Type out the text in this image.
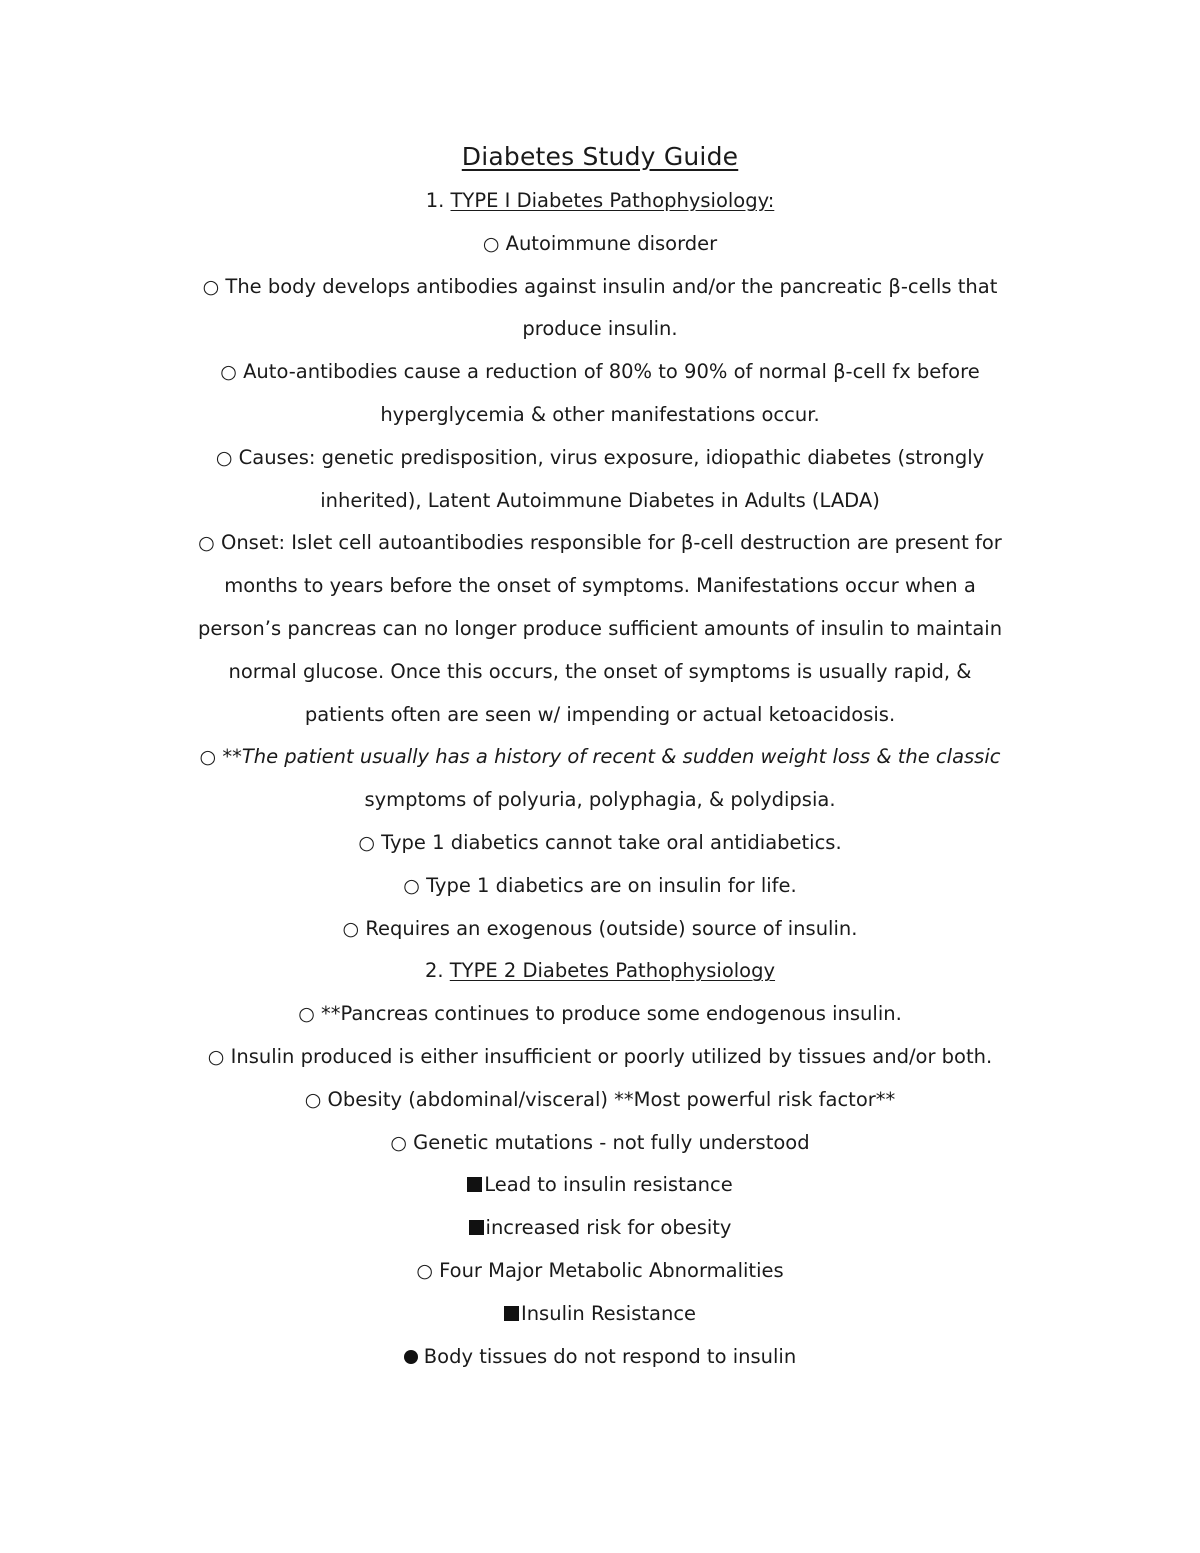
Diabetes Study Guide

1. TYPE I Diabetes Pathophysiology:

○ Autoimmune disorder

○ The body develops antibodies against insulin and/or the pancreatic β-cells that

produce insulin.

○ Auto-antibodies cause a reduction of 80% to 90% of normal β-cell fx before

hyperglycemia & other manifestations occur.

○ Causes: genetic predisposition, virus exposure, idiopathic diabetes (strongly

inherited), Latent Autoimmune Diabetes in Adults (LADA)

○ Onset: Islet cell autoantibodies responsible for β-cell destruction are present for

months to years before the onset of symptoms. Manifestations occur when a

person’s pancreas can no longer produce sufficient amounts of insulin to maintain

normal glucose. Once this occurs, the onset of symptoms is usually rapid, &

patients often are seen w/ impending or actual ketoacidosis.

○ **The patient usually has a history of recent & sudden weight loss & the classic

symptoms of polyuria, polyphagia, & polydipsia.

○ Type 1 diabetics cannot take oral antidiabetics.

○ Type 1 diabetics are on insulin for life.

○ Requires an exogenous (outside) source of insulin.

2. TYPE 2 Diabetes Pathophysiology

○ **Pancreas continues to produce some endogenous insulin.

○ Insulin produced is either insufficient or poorly utilized by tissues and/or both.

○ Obesity (abdominal/visceral) **Most powerful risk factor**

○ Genetic mutations - not fully understood

Lead to insulin resistance

increased risk for obesity

○ Four Major Metabolic Abnormalities

Insulin Resistance

Body tissues do not respond to insulin
